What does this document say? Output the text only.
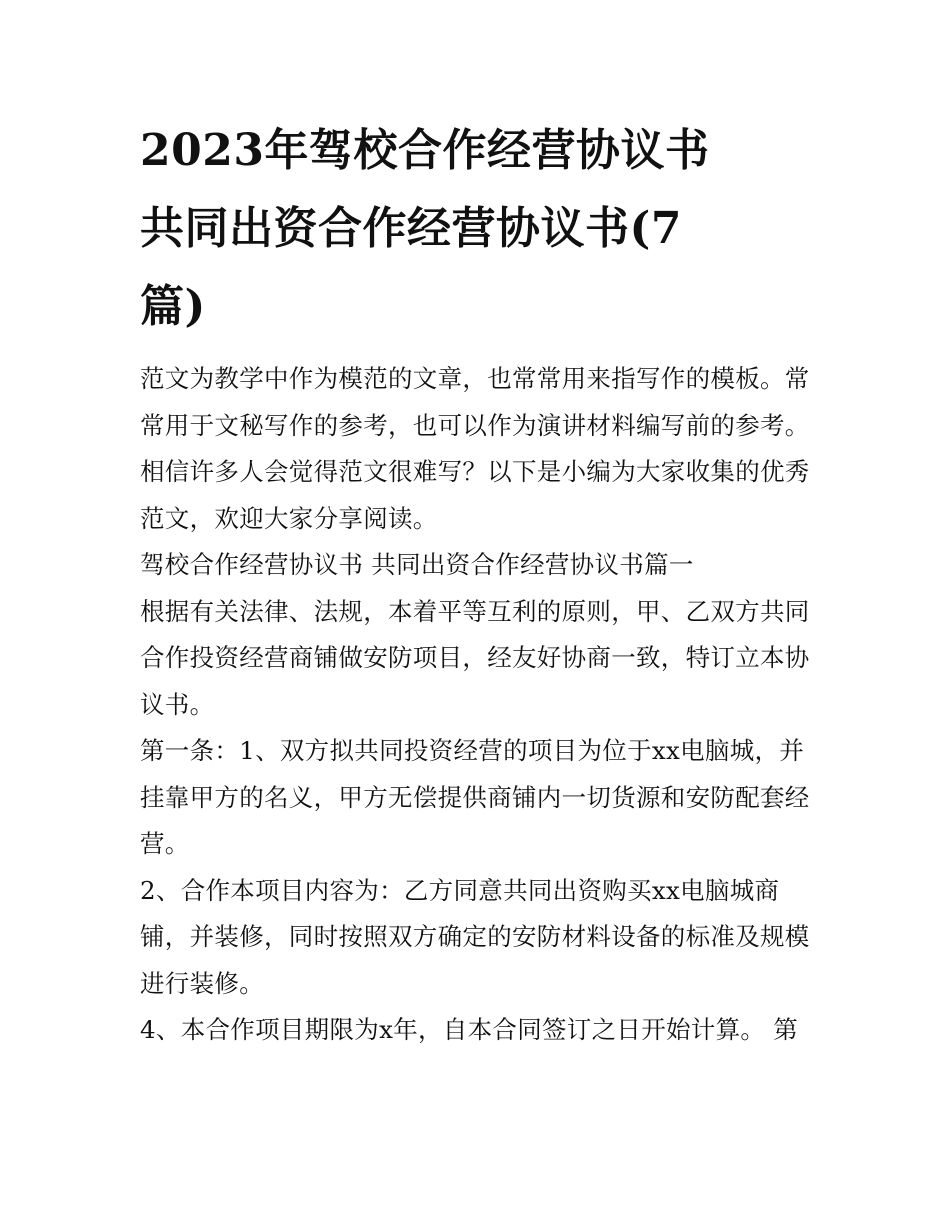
2023年驾校合作经营协议书
共同出资合作经营协议书(7
篇)

范文为教学中作为模范的文章，也常常用来指写作的模板。常

常用于文秘写作的参考，也可以作为演讲材料编写前的参考。

相信许多人会觉得范文很难写？以下是小编为大家收集的优秀

范文，欢迎大家分享阅读。

驾校合作经营协议书 共同出资合作经营协议书篇一

根据有关法律、法规，本着平等互利的原则，甲、乙双方共同

合作投资经营商铺做安防项目，经友好协商一致，特订立本协

议书。

第一条：1、双方拟共同投资经营的项目为位于xx电脑城，并

挂靠甲方的名义，甲方无偿提供商铺内一切货源和安防配套经

营。

2、合作本项目内容为：乙方同意共同出资购买xx电脑城商

铺，并装修，同时按照双方确定的安防材料设备的标准及规模

进行装修。

4、本合作项目期限为x年，自本合同签订之日开始计算。 第
